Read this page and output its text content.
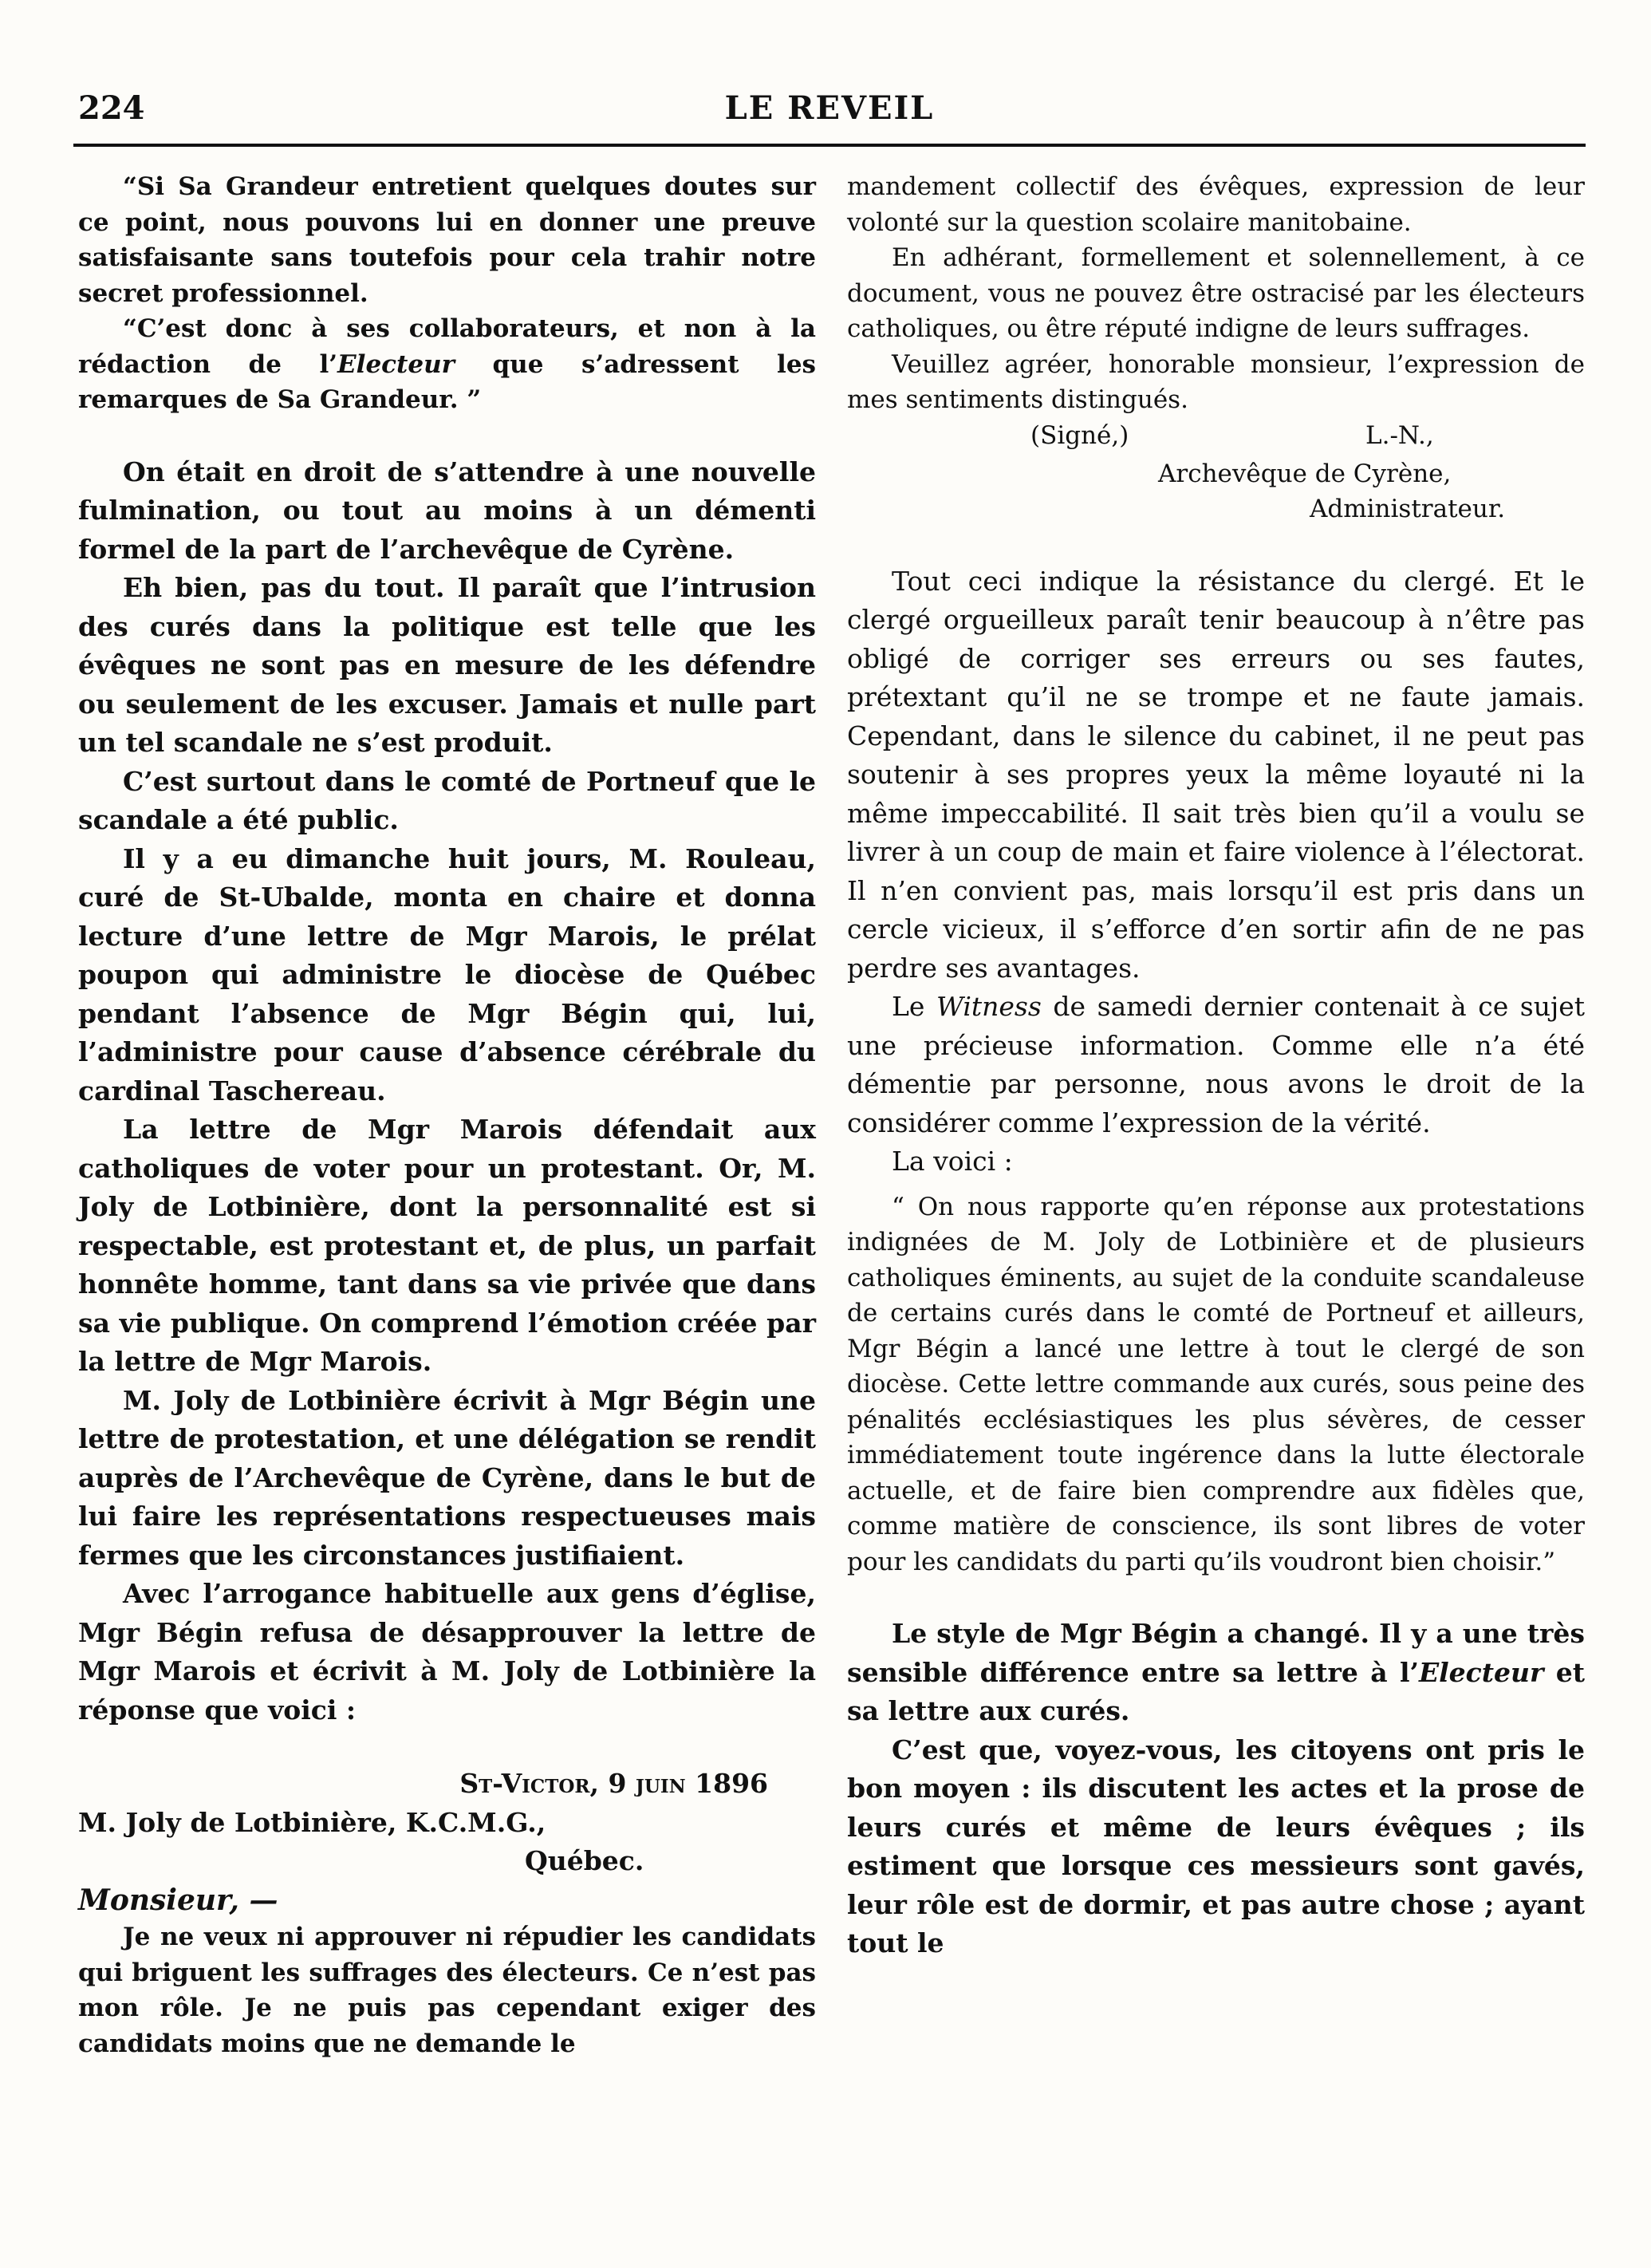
224	LE REVEIL

“Si Sa Grandeur entretient quelques doutes sur ce point, nous pouvons lui en donner une preuve satisfaisante sans toutefois pour cela trahir notre secret professionnel.

“C’est donc à ses collaborateurs, et non à la rédaction de l’Electeur que s’adressent les remarques de Sa Grandeur. ”

On était en droit de s’attendre à une nouvelle fulmination, ou tout au moins à un démenti formel de la part de l’archevêque de Cyrène.

Eh bien, pas du tout. Il paraît que l’intrusion des curés dans la politique est telle que les évêques ne sont pas en mesure de les défendre ou seulement de les excuser. Jamais et nulle part un tel scandale ne s’est produit.

C’est surtout dans le comté de Portneuf que le scandale a été public.

Il y a eu dimanche huit jours, M. Rouleau, curé de St-Ubalde, monta en chaire et donna lecture d’une lettre de Mgr Marois, le prélat poupon qui administre le diocèse de Québec pendant l’absence de Mgr Bégin qui, lui, l’administre pour cause d’absence cérébrale du cardinal Taschereau.

La lettre de Mgr Marois défendait aux catholiques de voter pour un protestant. Or, M. Joly de Lotbinière, dont la personnalité est si respectable, est protestant et, de plus, un parfait honnête homme, tant dans sa vie privée que dans sa vie publique. On comprend l’émotion créée par la lettre de Mgr Marois.

M. Joly de Lotbinière écrivit à Mgr Bégin une lettre de protestation, et une délégation se rendit auprès de l’Archevêque de Cyrène, dans le but de lui faire les représentations respectueuses mais fermes que les circonstances justifiaient.

Avec l’arrogance habituelle aux gens d’église, Mgr Bégin refusa de désapprouver la lettre de Mgr Marois et écrivit à M. Joly de Lotbinière la réponse que voici :

St-Victor, 9 juin 1896

M. Joly de Lotbinière, K.C.M.G.,

Québec.

Monsieur, —

Je ne veux ni approuver ni répudier les candidats qui briguent les suffrages des électeurs. Ce n’est pas mon rôle. Je ne puis pas cependant exiger des candidats moins que ne demande le

mandement collectif des évêques, expression de leur volonté sur la question scolaire manitobaine.

En adhérant, formellement et solennellement, à ce document, vous ne pouvez être ostracisé par les électeurs catholiques, ou être réputé indigne de leurs suffrages.

Veuillez agréer, honorable monsieur, l’expression de mes sentiments distingués.

(Signé,)	L.-N.,

Archevêque de Cyrène,

Administrateur.

Tout ceci indique la résistance du clergé. Et le clergé orgueilleux paraît tenir beaucoup à n’être pas obligé de corriger ses erreurs ou ses fautes, prétextant qu’il ne se trompe et ne faute jamais. Cependant, dans le silence du cabinet, il ne peut pas soutenir à ses propres yeux la même loyauté ni la même impeccabilité. Il sait très bien qu’il a voulu se livrer à un coup de main et faire violence à l’électorat. Il n’en convient pas, mais lorsqu’il est pris dans un cercle vicieux, il s’efforce d’en sortir afin de ne pas perdre ses avantages.

Le Witness de samedi dernier contenait à ce sujet une précieuse information. Comme elle n’a été démentie par personne, nous avons le droit de la considérer comme l’expression de la vérité.

La voici :

“ On nous rapporte qu’en réponse aux protestations indignées de M. Joly de Lotbinière et de plusieurs catholiques éminents, au sujet de la conduite scandaleuse de certains curés dans le comté de Portneuf et ailleurs, Mgr Bégin a lancé une lettre à tout le clergé de son diocèse. Cette lettre commande aux curés, sous peine des pénalités ecclésiastiques les plus sévères, de cesser immédiatement toute ingérence dans la lutte électorale actuelle, et de faire bien comprendre aux fidèles que, comme matière de conscience, ils sont libres de voter pour les candidats du parti qu’ils voudront bien choisir.”

Le style de Mgr Bégin a changé. Il y a une très sensible différence entre sa lettre à l’Electeur et sa lettre aux curés.

C’est que, voyez-vous, les citoyens ont pris le bon moyen : ils discutent les actes et la prose de leurs curés et même de leurs évêques ; ils estiment que lorsque ces messieurs sont gavés, leur rôle est de dormir, et pas autre chose ; ayant tout le
